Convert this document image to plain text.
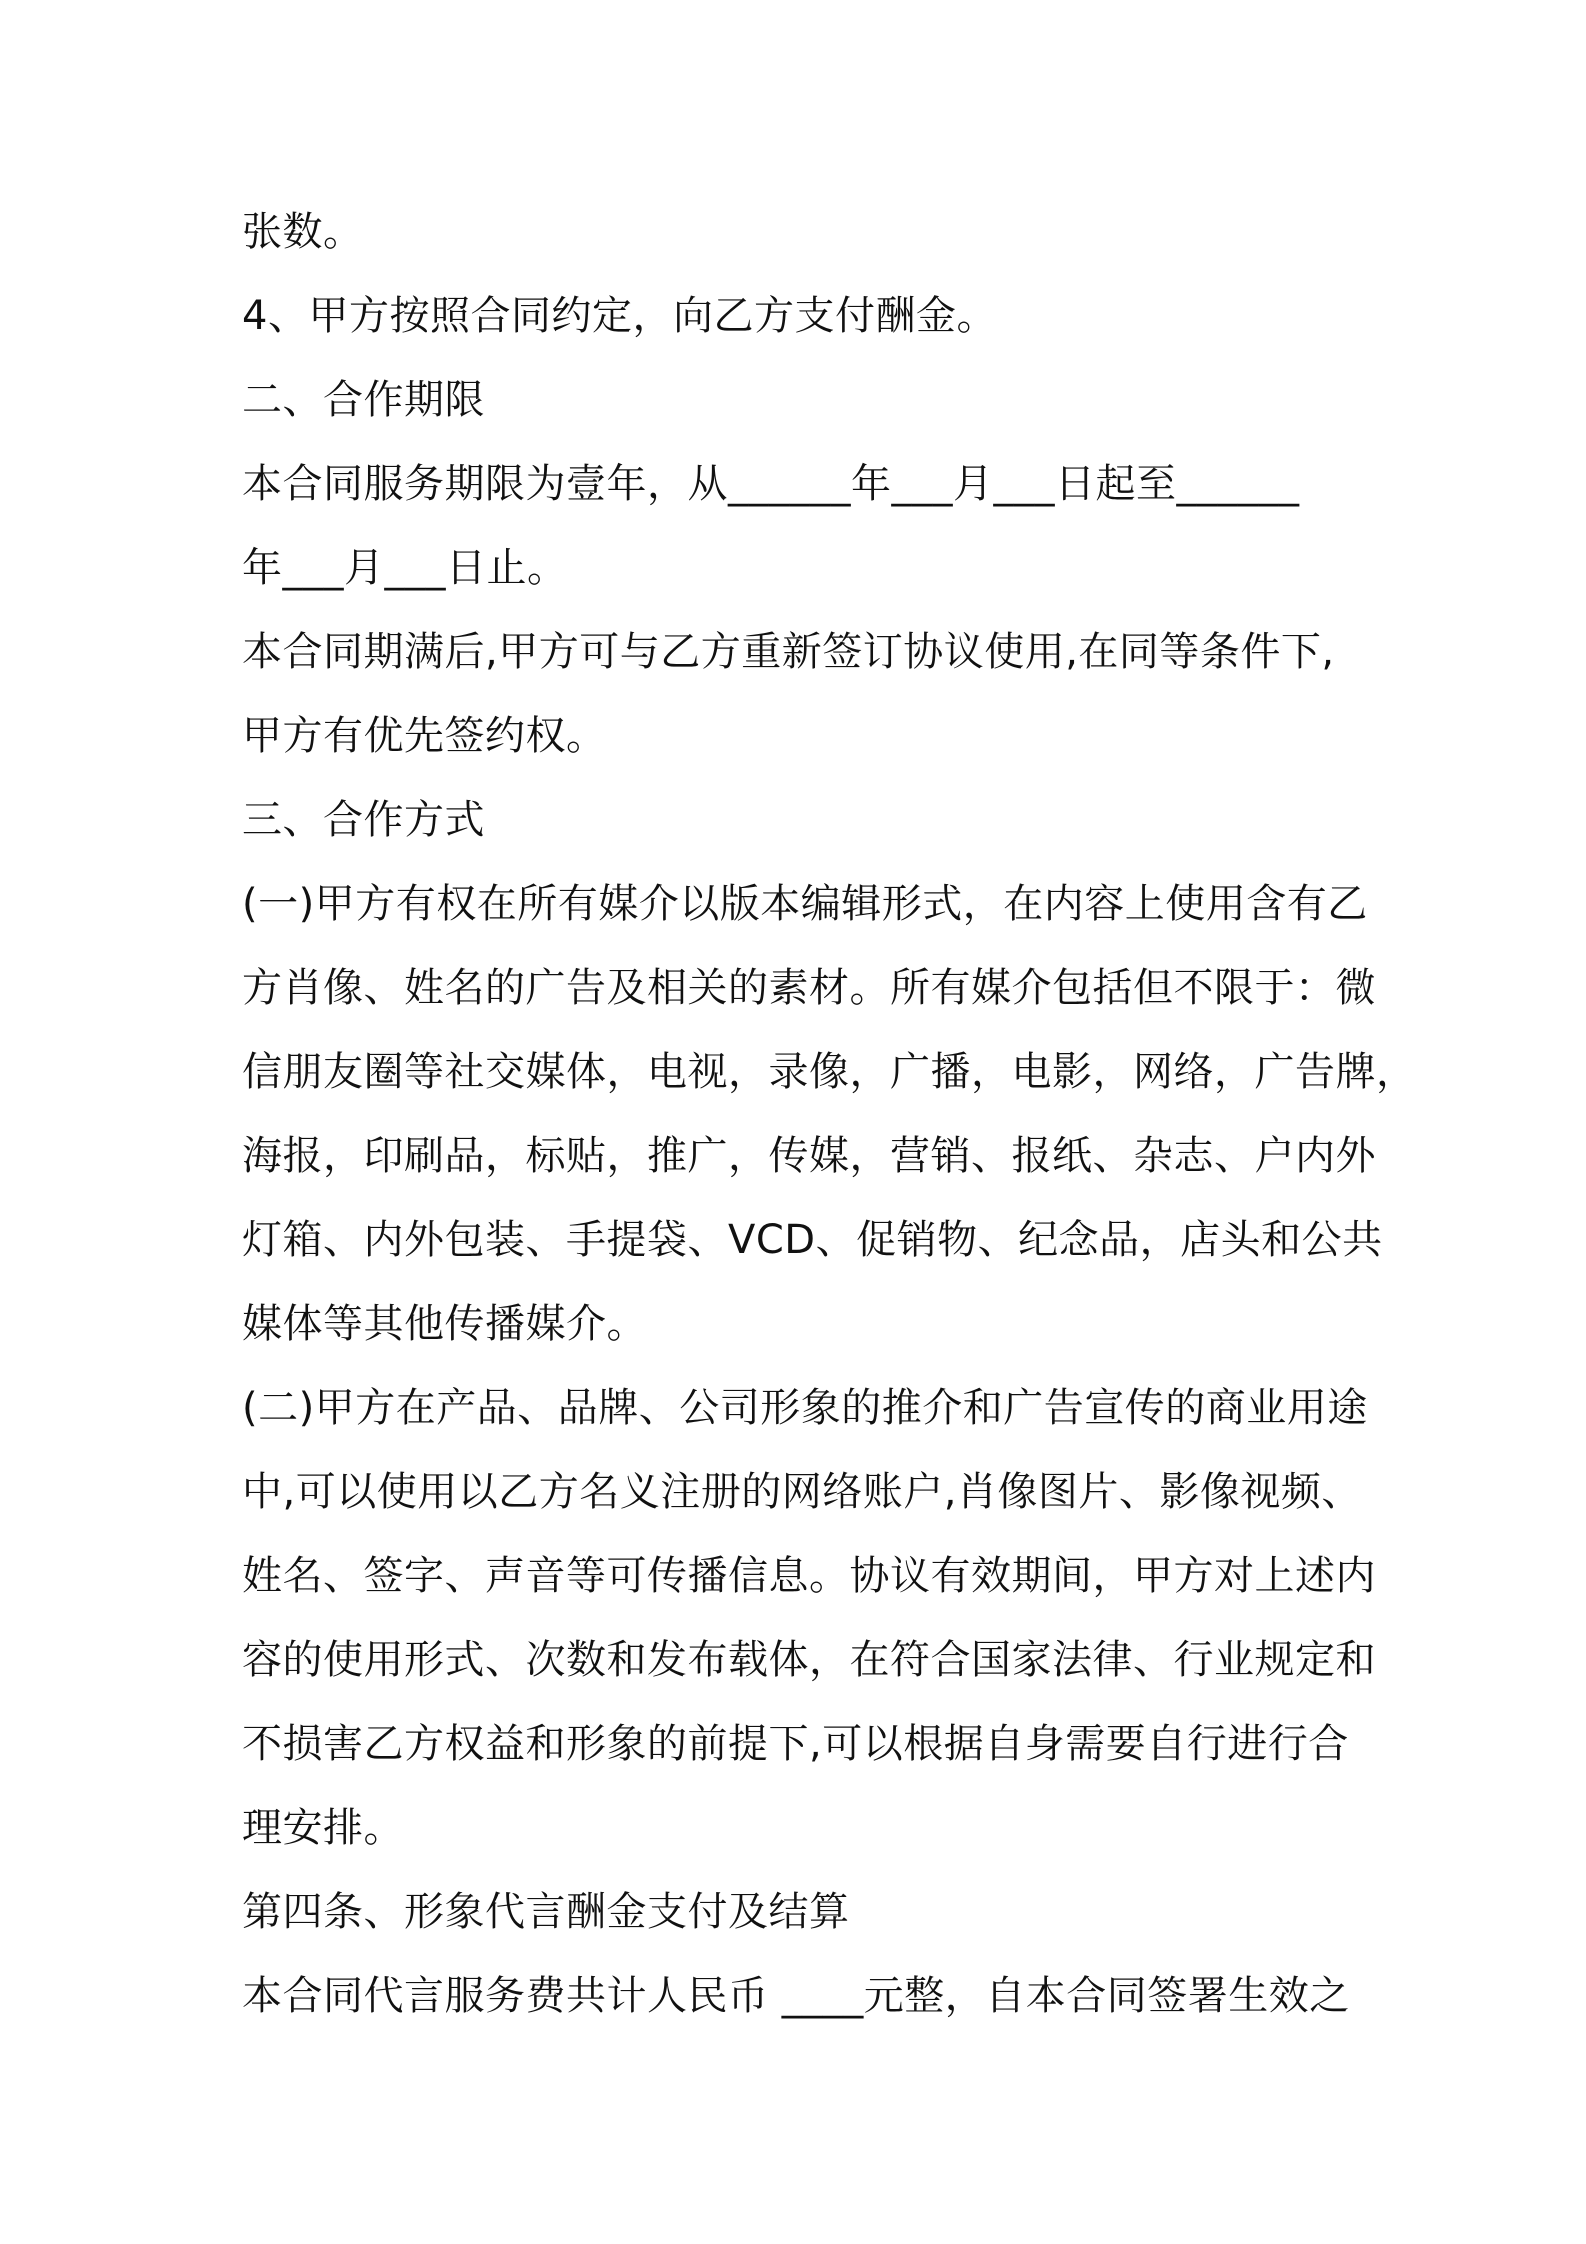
张数。
4、甲方按照合同约定，向乙方支付酬金。
二、合作期限
本合同服务期限为壹年，从______年___月___日起至______
年___月___日止。
本合同期满后,甲方可与乙方重新签订协议使用,在同等条件下,
甲方有优先签约权。
三、合作方式
(一)甲方有权在所有媒介以版本编辑形式，在内容上使用含有乙
方肖像、姓名的广告及相关的素材。所有媒介包括但不限于：微
信朋友圈等社交媒体，电视，录像，广播，电影，网络，广告牌，
海报，印刷品，标贴，推广，传媒，营销、报纸、杂志、户内外
灯箱、内外包装、手提袋、VCD、促销物、纪念品，店头和公共
媒体等其他传播媒介。
(二)甲方在产品、品牌、公司形象的推介和广告宣传的商业用途
中,可以使用以乙方名义注册的网络账户,肖像图片、影像视频、
姓名、签字、声音等可传播信息。协议有效期间，甲方对上述内
容的使用形式、次数和发布载体，在符合国家法律、行业规定和
不损害乙方权益和形象的前提下,可以根据自身需要自行进行合
理安排。
第四条、形象代言酬金支付及结算
本合同代言服务费共计人民币 ____元整，自本合同签署生效之
